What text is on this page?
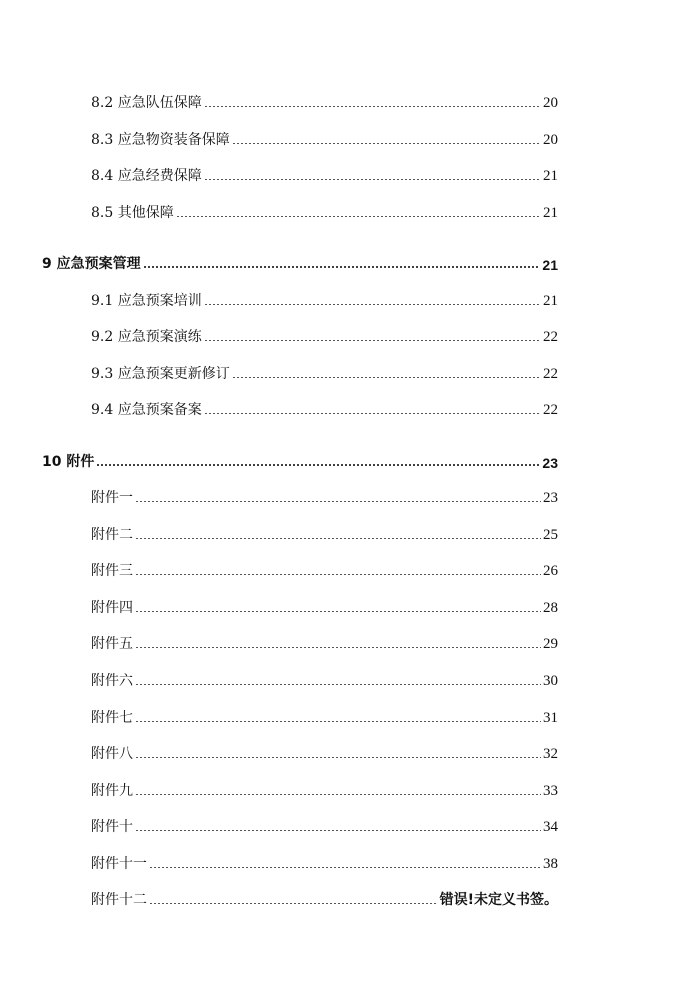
8.2 应急队伍保障	20
8.3 应急物资装备保障	20
8.4 应急经费保障	21
8.5 其他保障	21
9 应急预案管理	21
9.1 应急预案培训	21
9.2 应急预案演练	22
9.3 应急预案更新修订	22
9.4 应急预案备案	22
10 附件	23
附件一	23
附件二	25
附件三	26
附件四	28
附件五	29
附件六	30
附件七	31
附件八	32
附件九	33
附件十	34
附件十一	38
附件十二	错误!未定义书签。
